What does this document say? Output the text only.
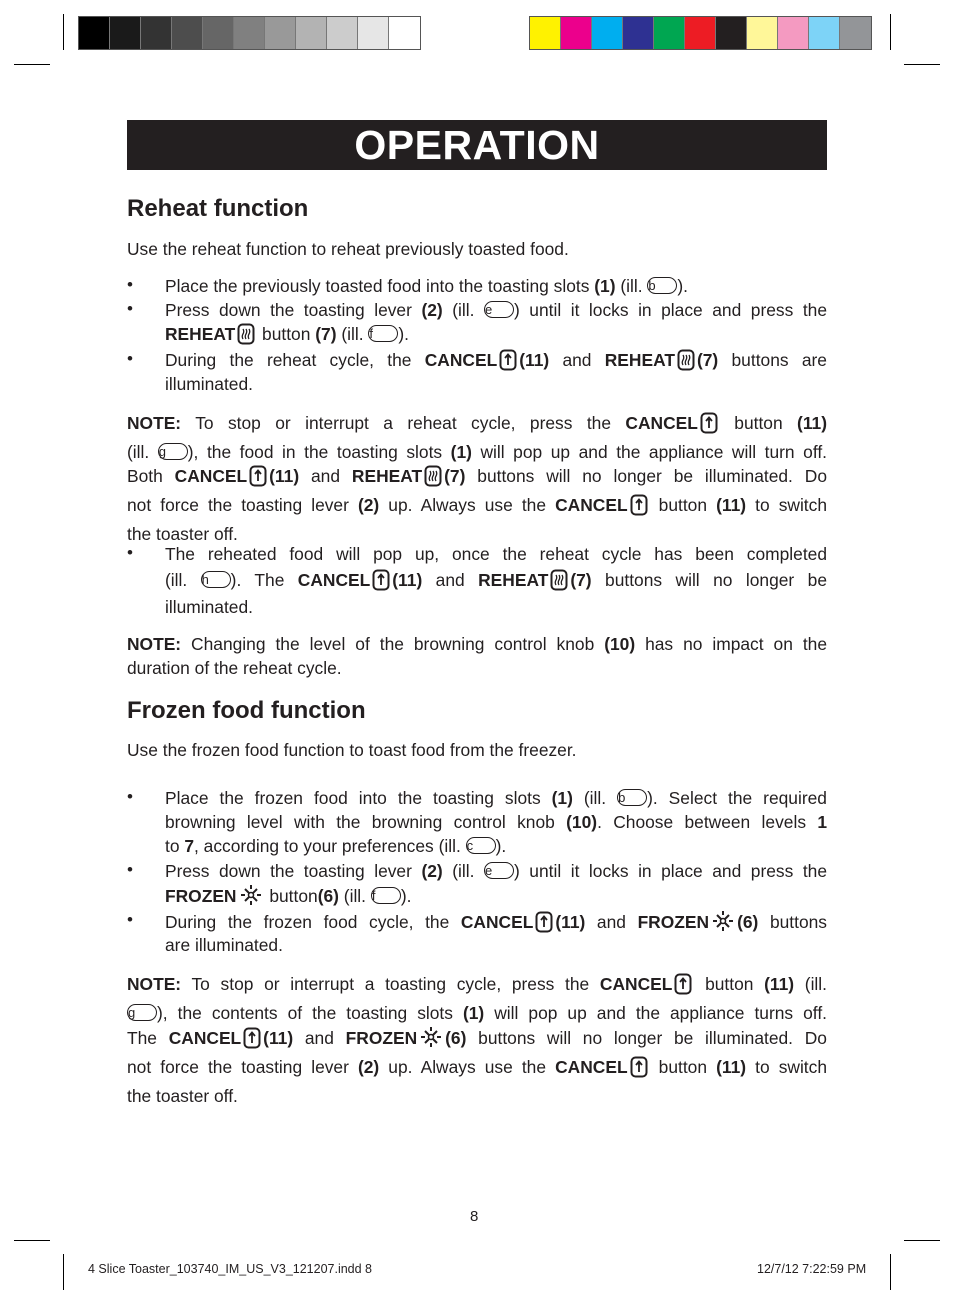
OPERATION
Reheat function
Use the reheat function to reheat previously toasted food.
• Place the previously toasted food into the toasting slots (1) (ill. b ).
• Press down the toasting lever (2) (ill. e ) until it locks in place and press the
REHEAT button (7) (ill. f ).
• During the reheat cycle, the CANCEL (11) and REHEAT (7) buttons are
illuminated.
NOTE: To stop or interrupt a reheat cycle, press the CANCEL button (11)
(ill. g ), the food in the toasting slots (1) will pop up and the appliance will turn off.
Both CANCEL (11) and REHEAT (7) buttons will no longer be illuminated. Do
not force the toasting lever (2) up. Always use the CANCEL button (11) to switch
the toaster off.
• The reheated food will pop up, once the reheat cycle has been completed
(ill. h ). The CANCEL (11) and REHEAT (7) buttons will no longer be
illuminated.
NOTE: Changing the level of the browning control knob (10) has no impact on the
duration of the reheat cycle.
Frozen food function
Use the frozen food function to toast food from the freezer.
• Place the frozen food into the toasting slots (1) (ill. b ). Select the required
browning level with the browning control knob (10). Choose between levels 1
to 7, according to your preferences (ill. c ).
• Press down the toasting lever (2) (ill. e ) until it locks in place and press the
FROZEN button(6) (ill. f ).
• During the frozen food cycle, the CANCEL (11) and FROZEN (6) buttons
are illuminated.
NOTE: To stop or interrupt a toasting cycle, press the CANCEL button (11) (ill.
g ), the contents of the toasting slots (1) will pop up and the appliance turns off.
The CANCEL (11) and FROZEN (6) buttons will no longer be illuminated. Do
not force the toasting lever (2) up. Always use the CANCEL button (11) to switch
the toaster off.
8
4 Slice Toaster_103740_IM_US_V3_121207.indd 8	12/7/12 7:22:59 PM
